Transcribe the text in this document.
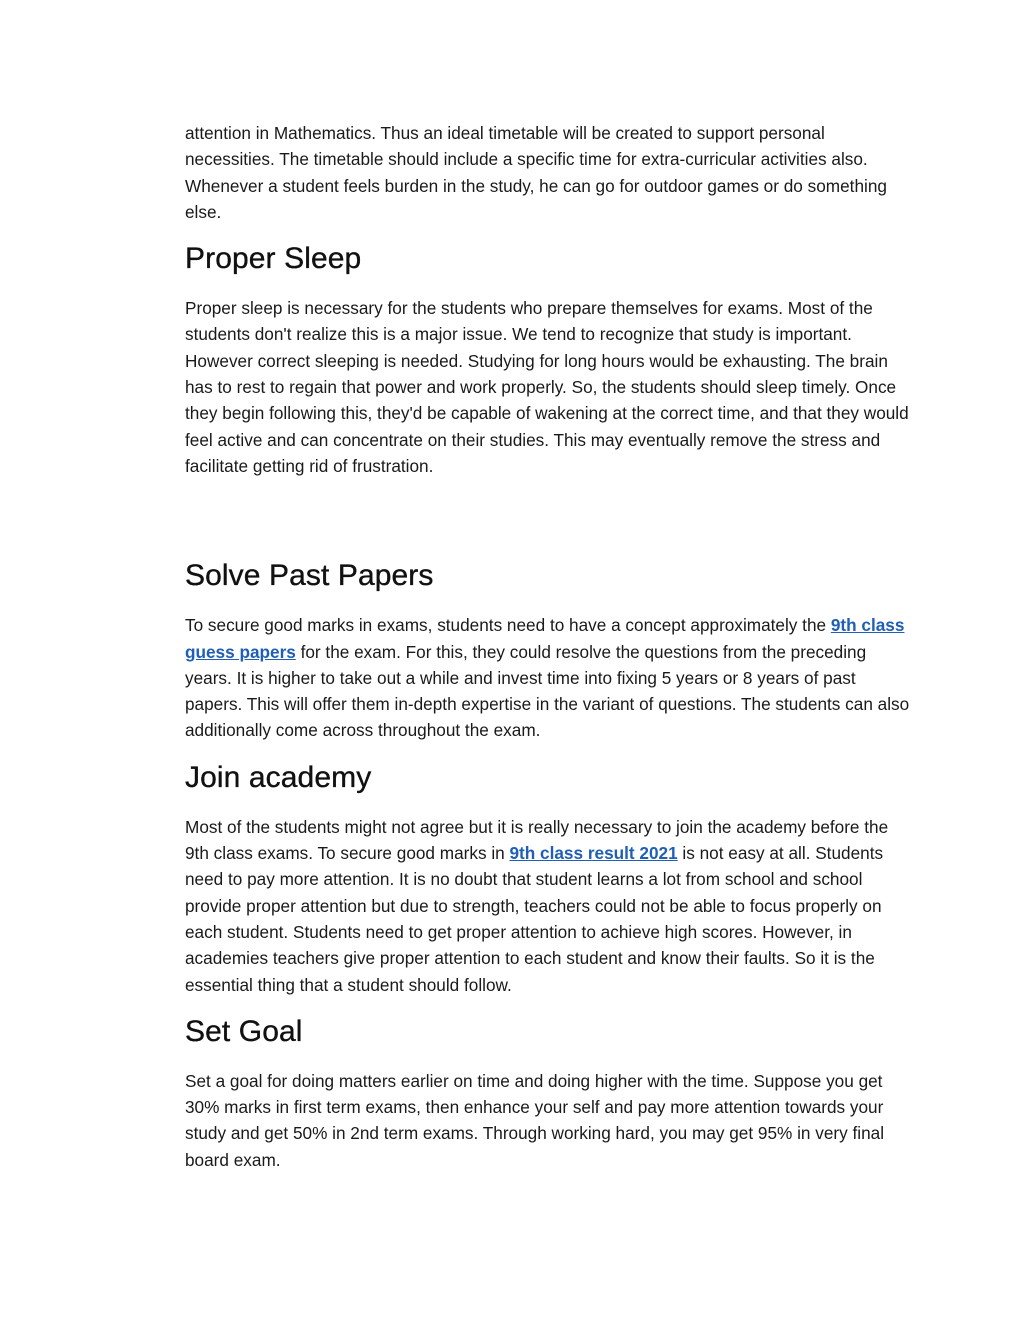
attention in Mathematics. Thus an ideal timetable will be created to support personal necessities. The timetable should include a specific time for extra-curricular activities also. Whenever a student feels burden in the study, he can go for outdoor games or do something else.

Proper Sleep

Proper sleep is necessary for the students who prepare themselves for exams. Most of the students don't realize this is a major issue. We tend to recognize that study is important. However correct sleeping is needed. Studying for long hours would be exhausting. The brain has to rest to regain that power and work properly. So, the students should sleep timely. Once they begin following this, they'd be capable of wakening at the correct time, and that they would feel active and can concentrate on their studies. This may eventually remove the stress and facilitate getting rid of frustration.

Solve Past Papers

To secure good marks in exams, students need to have a concept approximately the 9th class guess papers for the exam. For this, they could resolve the questions from the preceding years. It is higher to take out a while and invest time into fixing 5 years or 8 years of past papers. This will offer them in-depth expertise in the variant of questions. The students can also additionally come across throughout the exam.

Join academy

Most of the students might not agree but it is really necessary to join the academy before the 9th class exams. To secure good marks in 9th class result 2021 is not easy at all. Students need to pay more attention. It is no doubt that student learns a lot from school and school provide proper attention but due to strength, teachers could not be able to focus properly on each student. Students need to get proper attention to achieve high scores. However, in academies teachers give proper attention to each student and know their faults. So it is the essential thing that a student should follow.

Set Goal

Set a goal for doing matters earlier on time and doing higher with the time. Suppose you get 30% marks in first term exams, then enhance your self and pay more attention towards your study and get 50% in 2nd term exams. Through working hard, you may get 95% in very final board exam.
